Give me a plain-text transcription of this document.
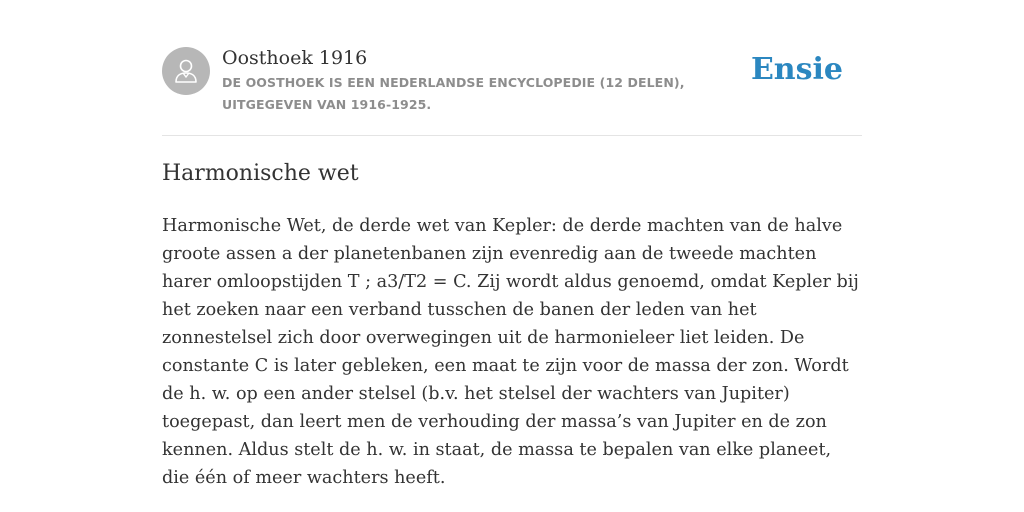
Oosthoek 1916
DE OOSTHOEK IS EEN NEDERLANDSE ENCYCLOPEDIE (12 DELEN), UITGEGEVEN VAN 1916-1925.
Ensie
Harmonische wet

Harmonische Wet, de derde wet van Kepler: de derde machten van de halve groote assen a der planetenbanen zijn evenredig aan de tweede machten harer omloopstijden T ; a3/T2 = C. Zij wordt aldus genoemd, omdat Kepler bij het zoeken naar een verband tusschen de banen der leden van het zonnestelsel zich door overwegingen uit de harmonieleer liet leiden. De constante C is later gebleken, een maat te zijn voor de massa der zon. Wordt de h. w. op een ander stelsel (b.v. het stelsel der wachters van Jupiter) toegepast, dan leert men de verhouding der massa’s van Jupiter en de zon kennen. Aldus stelt de h. w. in staat, de massa te bepalen van elke planeet, die één of meer wachters heeft.
